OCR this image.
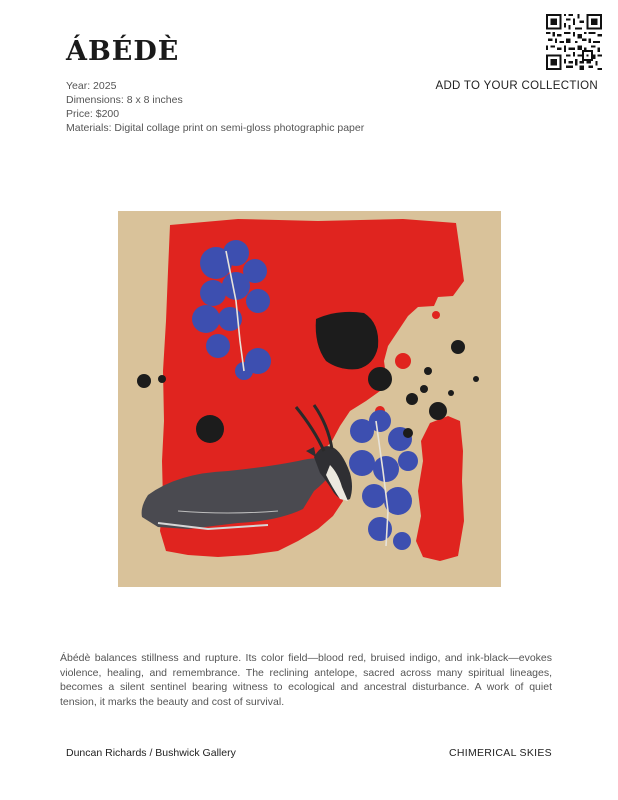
ÁBÉDÈ
ADD TO YOUR COLLECTION
Year: 2025
Dimensions: 8 x 8 inches
Price: $200
Materials: Digital collage print on semi-gloss photographic paper

Ábédè balances stillness and rupture. Its color field—blood red, bruised indigo, and ink-black—evokes violence, healing, and remembrance. The reclining antelope, sacred across many spiritual lineages, becomes a silent sentinel bearing witness to ecological and ancestral disturbance. A work of quiet tension, it marks the beauty and cost of survival.

Duncan Richards / Bushwick Gallery	CHIMERICAL SKIES
